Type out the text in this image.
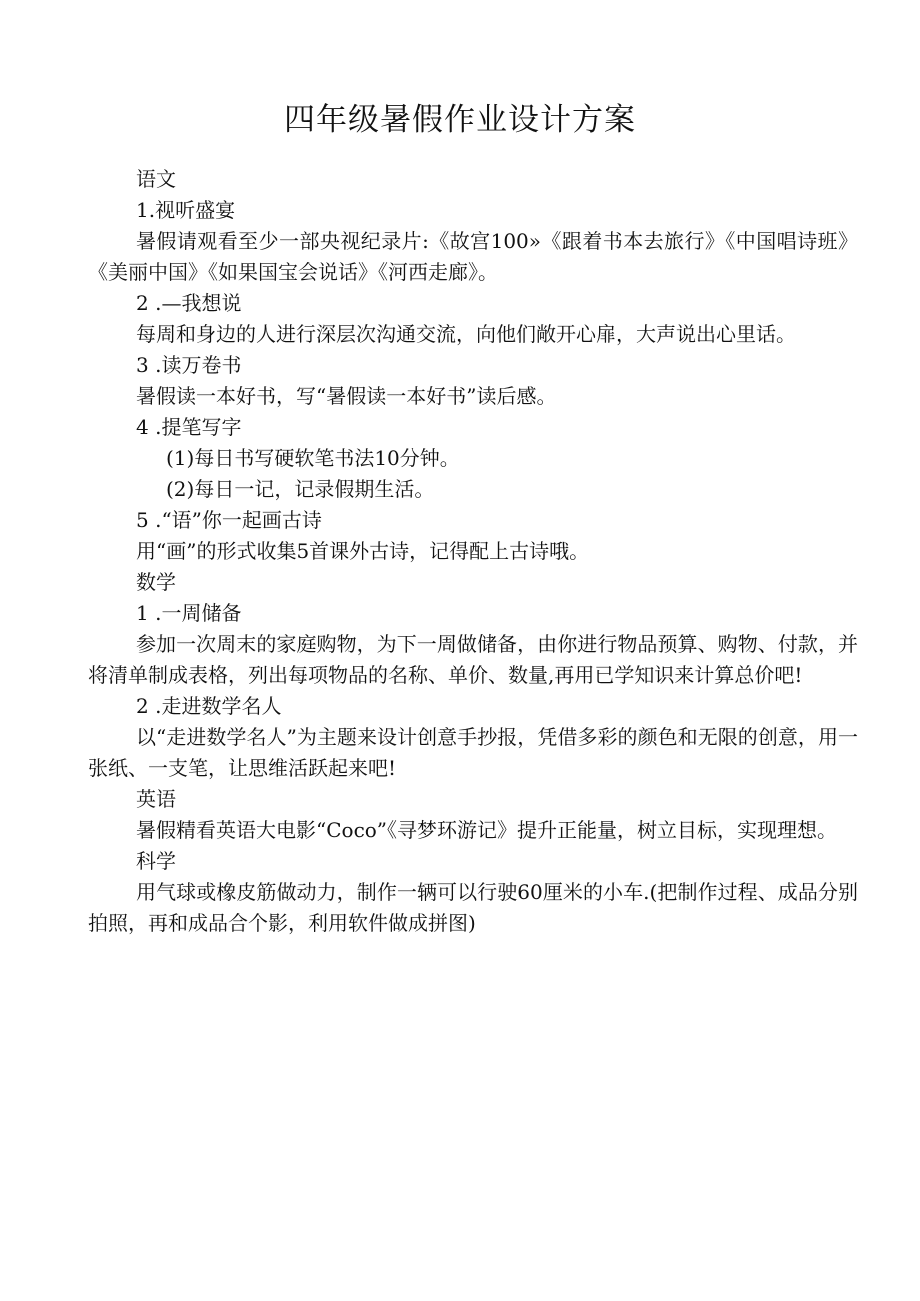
四年级暑假作业设计方案
语文
1.视听盛宴
暑假请观看至少一部央视纪录片:《故宫100»《跟着书本去旅行》《中国唱诗班》《美丽中国》《如果国宝会说话》《河西走廊》。
2 .—我想说
每周和身边的人进行深层次沟通交流，向他们敞开心扉，大声说出心里话。
3 .读万卷书
暑假读一本好书，写“暑假读一本好书”读后感。
4 .提笔写字
(1)每日书写硬软笔书法10分钟。
(2)每日一记，记录假期生活。
5 .“语”你一起画古诗
用“画”的形式收集5首课外古诗，记得配上古诗哦。
数学
1 .一周储备
参加一次周末的家庭购物，为下一周做储备，由你进行物品预算、购物、付款，并将清单制成表格，列出每项物品的名称、单价、数量,再用已学知识来计算总价吧!
2 .走进数学名人
以“走进数学名人”为主题来设计创意手抄报，凭借多彩的颜色和无限的创意，用一张纸、一支笔，让思维活跃起来吧!
英语
暑假精看英语大电影“Coco”《寻梦环游记》提升正能量，树立目标，实现理想。
科学
用气球或橡皮筋做动力，制作一辆可以行驶60厘米的小车.(把制作过程、成品分别拍照，再和成品合个影，利用软件做成拼图)
